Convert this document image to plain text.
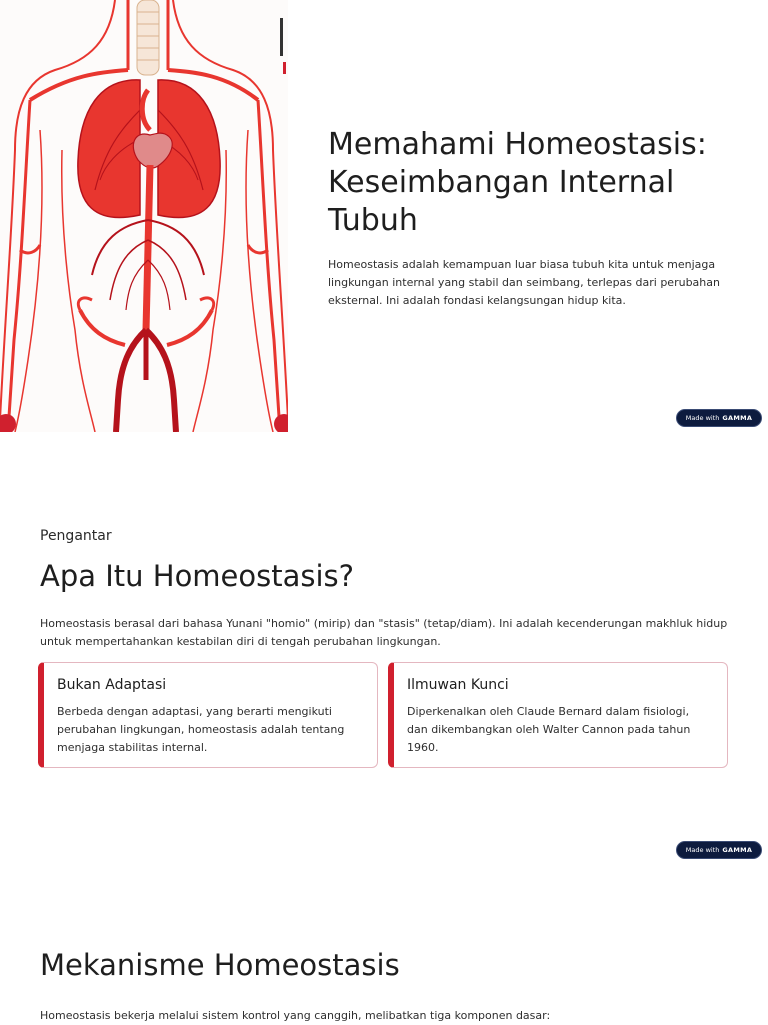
Memahami Homeostasis: Keseimbangan Internal Tubuh

Homeostasis adalah kemampuan luar biasa tubuh kita untuk menjaga lingkungan internal yang stabil dan seimbang, terlepas dari perubahan eksternal. Ini adalah fondasi kelangsungan hidup kita.

Made with GAMMA

Pengantar

Apa Itu Homeostasis?

Homeostasis berasal dari bahasa Yunani "homio" (mirip) dan "stasis" (tetap/diam). Ini adalah kecenderungan makhluk hidup untuk mempertahankan kestabilan diri di tengah perubahan lingkungan.

Bukan Adaptasi

Berbeda dengan adaptasi, yang berarti mengikuti perubahan lingkungan, homeostasis adalah tentang menjaga stabilitas internal.

Ilmuwan Kunci

Diperkenalkan oleh Claude Bernard dalam fisiologi, dan dikembangkan oleh Walter Cannon pada tahun 1960.

Made with GAMMA
Mekanisme Homeostasis

Homeostasis bekerja melalui sistem kontrol yang canggih, melibatkan tiga komponen dasar:
